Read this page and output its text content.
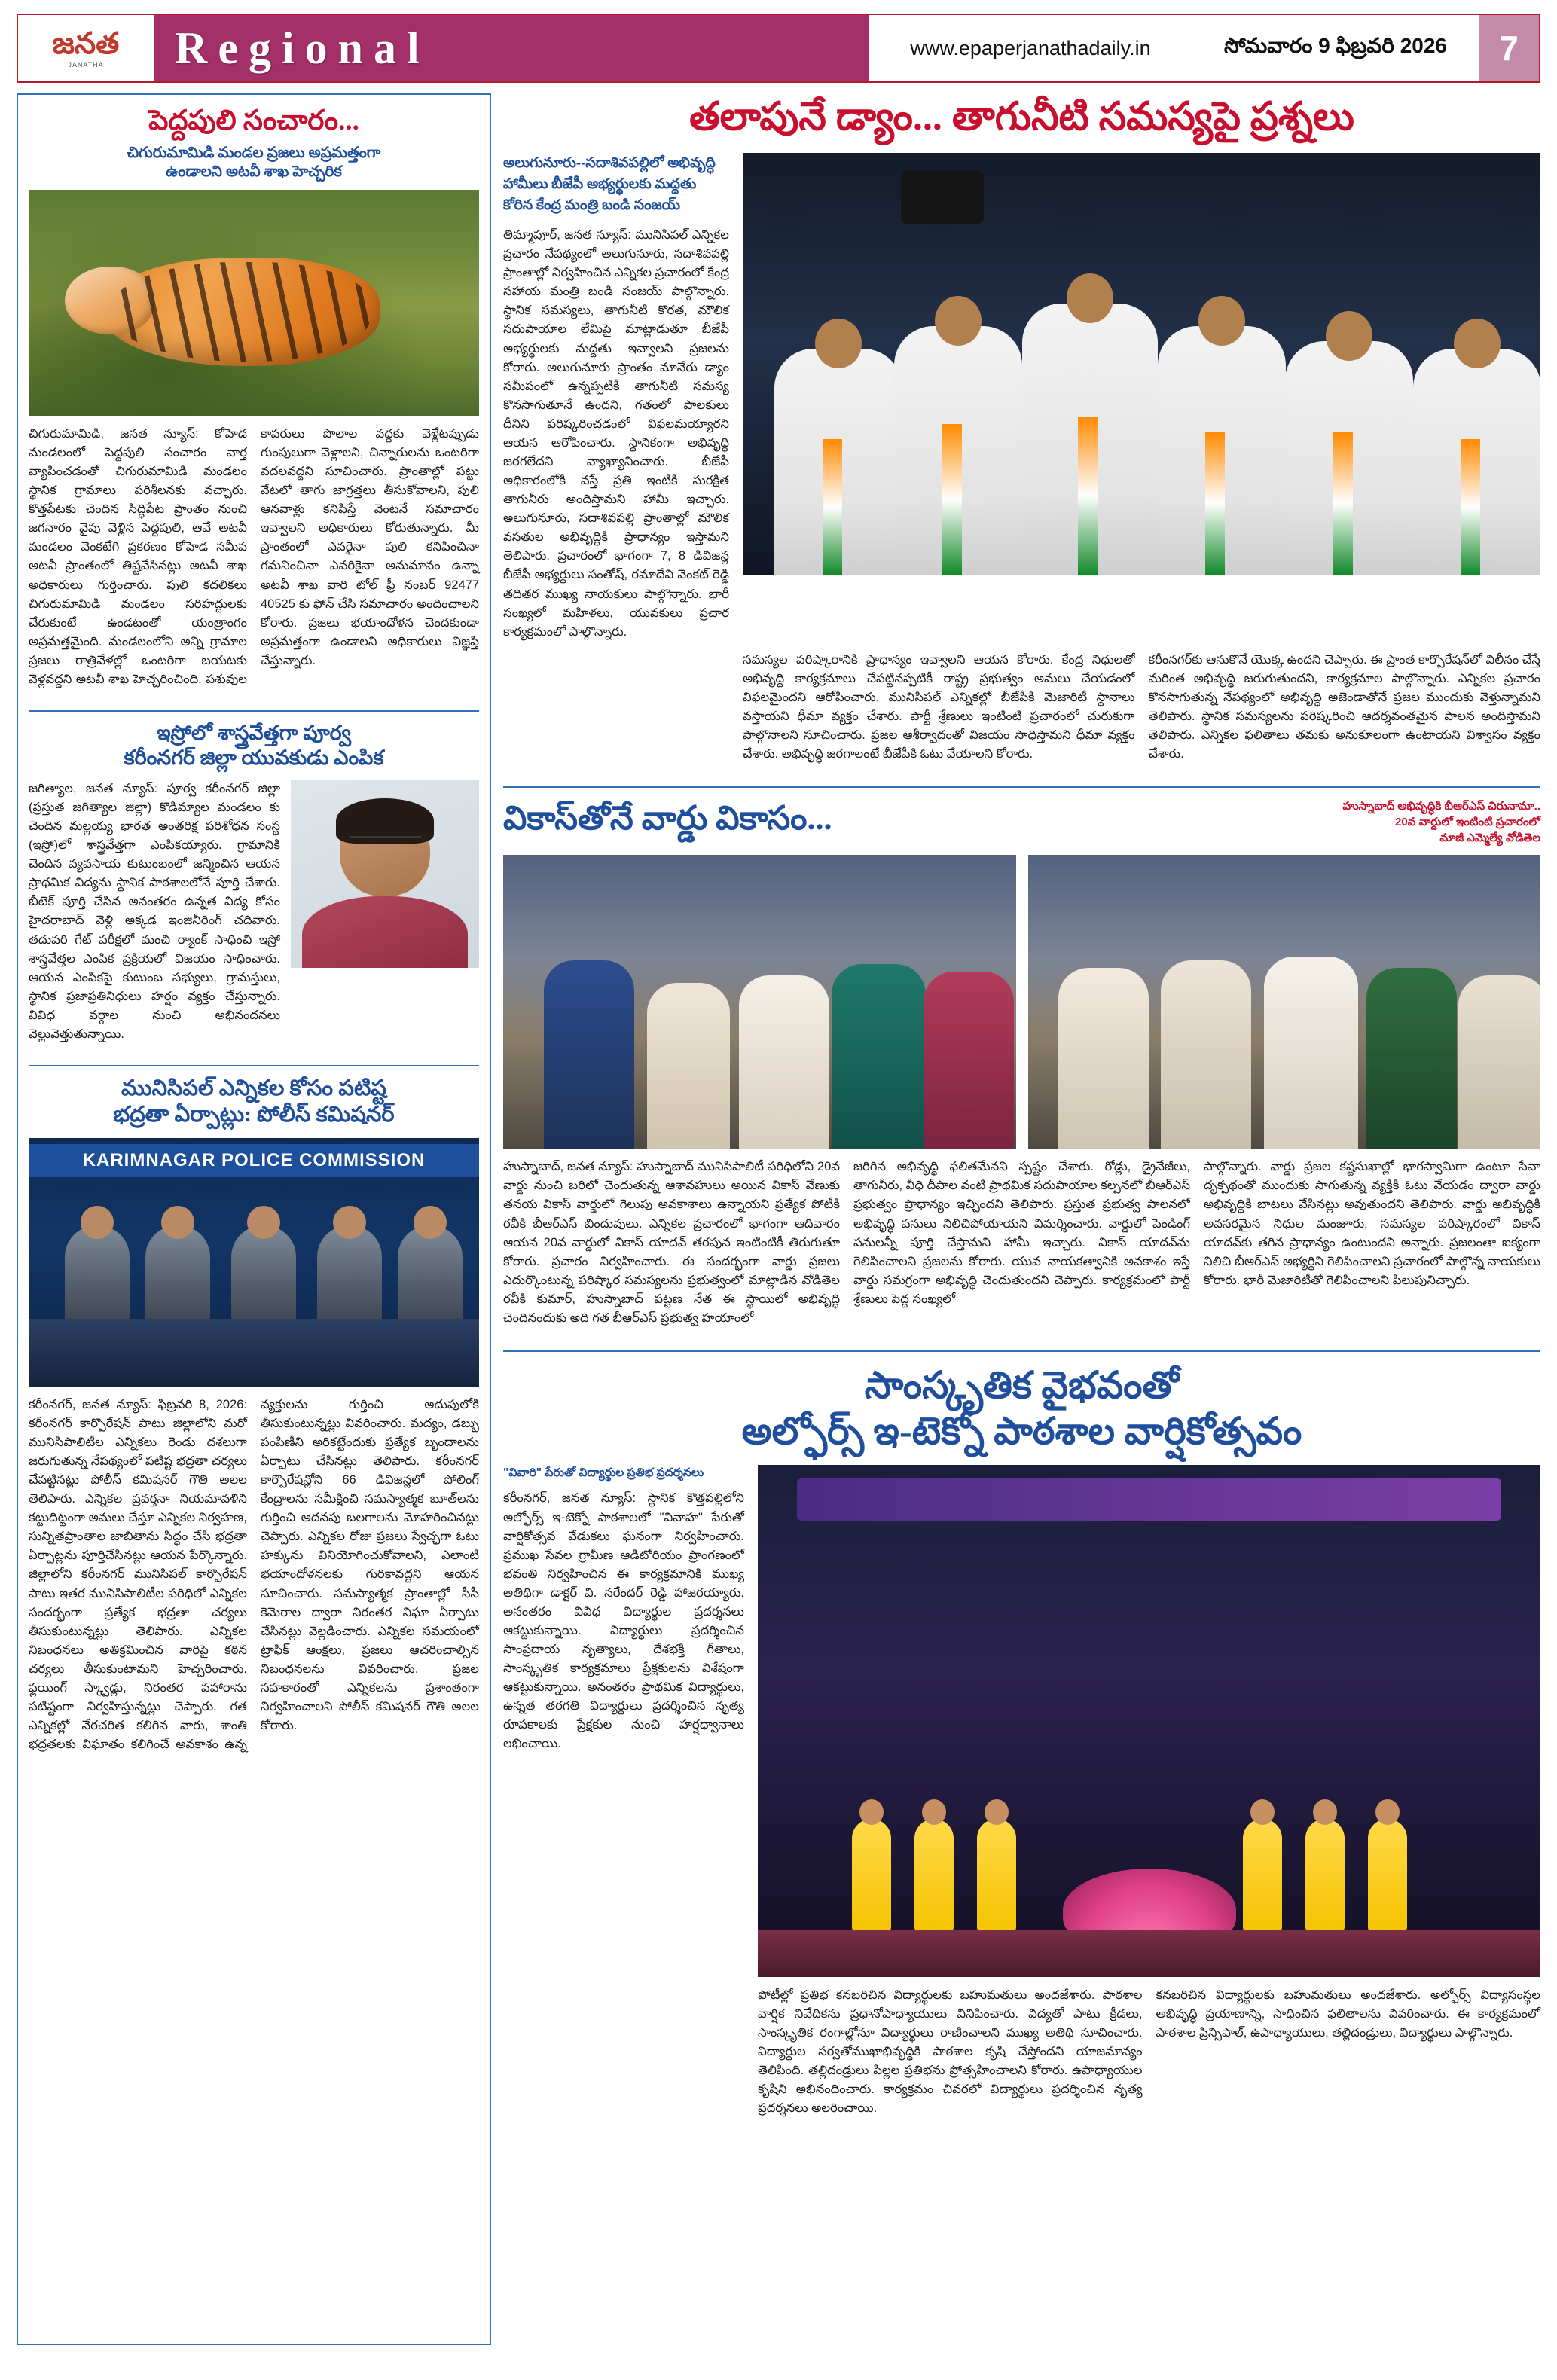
జనత
JANATHA Regional	www.epaperjanathadaily.in	సోమవారం 9 ఫిబ్రవరి 2026	7
పెద్దపులి సంచారం...
చిగురుమామిడి మండల ప్రజలు అప్రమత్తంగా
ఉండాలని అటవీ శాఖ హెచ్చరిక
చిగురుమామిడి, జనత న్యూస్: కోహెడ మండలంలో పెద్దపులి సంచారం వార్త వ్యాపించడంతో చిగురుమామిడి మండలం స్థానిక గ్రామాలు పరిశీలనకు వచ్చారు. కొత్తపేటకు చెందిన సిద్ధిపేట ప్రాంతం నుంచి జగనారం వైపు వెళ్లిన పెద్దపులి, ఆవే అటవీ మండలం వెంకటేగి ప్రకరణం కోహెడ సమీప అటవీ ప్రాంతంలో తిష్టవేసినట్లు అటవీ శాఖ అధికారులు గుర్తించారు. పులి కదలికలు చిగురుమామిడి మండలం సరిహద్దులకు చేరుకుంటే ఉండటంతో యంత్రాంగం అప్రమత్తమైంది. మండలంలోని అన్ని గ్రామాల ప్రజలు రాత్రివేళల్లో ఒంటరిగా బయటకు వెళ్లవద్దని అటవీ శాఖ హెచ్చరించింది. పశువుల కాపరులు పొలాల వద్దకు వెళ్లేటప్పుడు గుంపులుగా వెళ్లాలని, చిన్నారులను ఒంటరిగా వదలవద్దని సూచించారు. ప్రాంతాల్లో పట్టు వేటలో తాగు జాగ్రత్తలు తీసుకోవాలని, పులి ఆనవాళ్లు కనిపిస్తే వెంటనే సమాచారం ఇవ్వాలని అధికారులు కోరుతున్నారు. మీ ప్రాంతంలో ఎవరైనా పులి కనిపించినా గమనించినా ఎవరికైనా అనుమానం ఉన్నా అటవీ శాఖ వారి టోల్ ఫ్రీ నంబర్ 92477 40525 కు ఫోన్ చేసి సమాచారం అందించాలని కోరారు. ప్రజలు భయాందోళన చెందకుండా అప్రమత్తంగా ఉండాలని అధికారులు విజ్ఞప్తి చేస్తున్నారు.
ఇస్రోలో శాస్త్రవేత్తగా పూర్వ
కరీంనగర్ జిల్లా యువకుడు ఎంపిక
జగిత్యాల, జనత న్యూస్: పూర్వ కరీంనగర్ జిల్లా (ప్రస్తుత జగిత్యాల జిల్లా) కొడిమ్యాల మండలం కు చెందిన మల్లయ్య భారత అంతరిక్ష పరిశోధన సంస్థ (ఇస్రో)లో శాస్త్రవేత్తగా ఎంపికయ్యారు. గ్రామానికి చెందిన వ్యవసాయ కుటుంబంలో జన్మించిన ఆయన ప్రాథమిక విద్యను స్థానిక పాఠశాలలోనే పూర్తి చేశారు. బీటెక్ పూర్తి చేసిన అనంతరం ఉన్నత విద్య కోసం హైదరాబాద్ వెళ్లి అక్కడ ఇంజినీరింగ్ చదివారు. తదుపరి గేట్ పరీక్షలో మంచి ర్యాంక్ సాధించి ఇస్రో శాస్త్రవేత్తల ఎంపిక ప్రక్రియలో విజయం సాధించారు. ఆయన ఎంపికపై కుటుంబ సభ్యులు, గ్రామస్తులు, స్థానిక ప్రజాప్రతినిధులు హర్షం వ్యక్తం చేస్తున్నారు. వివిధ వర్గాల నుంచి అభినందనలు వెల్లువెత్తుతున్నాయి.
మునిసిపల్ ఎన్నికల కోసం పటిష్ట
భద్రతా ఏర్పాట్లు: పోలీస్ కమిషనర్
KARIMNAGAR POLICE COMMISSION
కరీంనగర్, జనత న్యూస్: ఫిబ్రవరి 8, 2026: కరీంనగర్ కార్పొరేషన్ పాటు జిల్లాలోని మరో మునిసిపాలిటీల ఎన్నికలు రెండు దశలుగా జరుగుతున్న నేపథ్యంలో పటిష్ట భద్రతా చర్యలు చేపట్టినట్లు పోలీస్ కమిషనర్ గౌతి అలల తెలిపారు. ఎన్నికల ప్రవర్తనా నియమావళిని కట్టుదిట్టంగా అమలు చేస్తూ ఎన్నికల నిర్వహణ, సున్నితప్రాంతాల జాబితాను సిద్ధం చేసి భద్రతా ఏర్పాట్లను పూర్తిచేసినట్లు ఆయన పేర్కొన్నారు. జిల్లాలోని కరీంనగర్ మునిసిపల్ కార్పొరేషన్ పాటు ఇతర మునిసిపాలిటీల పరిధిలో ఎన్నికల సందర్భంగా ప్రత్యేక భద్రతా చర్యలు తీసుకుంటున్నట్లు తెలిపారు. ఎన్నికల నిబంధనలు అతిక్రమించిన వారిపై కఠిన చర్యలు తీసుకుంటామని హెచ్చరించారు. ఫ్లయింగ్ స్క్వాడ్లు, నిరంతర పహారాను పటిష్టంగా నిర్వహిస్తున్నట్లు చెప్పారు. గత ఎన్నికల్లో నేరచరిత కలిగిన వారు, శాంతి భద్రతలకు విఘాతం కలిగించే అవకాశం ఉన్న వ్యక్తులను గుర్తించి అదుపులోకి తీసుకుంటున్నట్లు వివరించారు. మద్యం, డబ్బు పంపిణీని అరికట్టేందుకు ప్రత్యేక బృందాలను ఏర్పాటు చేసినట్లు తెలిపారు. కరీంనగర్ కార్పొరేషన్లోని 66 డివిజన్లలో పోలింగ్ కేంద్రాలను సమీక్షించి సమస్యాత్మక బూత్‌లను గుర్తించి అదనపు బలగాలను మోహరించినట్లు చెప్పారు. ఎన్నికల రోజు ప్రజలు స్వేచ్ఛగా ఓటు హక్కును వినియోగించుకోవాలని, ఎలాంటి భయాందోళనలకు గురికావద్దని ఆయన సూచించారు. సమస్యాత్మక ప్రాంతాల్లో సీసీ కెమెరాల ద్వారా నిరంతర నిఘా ఏర్పాటు చేసినట్లు వెల్లడించారు. ఎన్నికల సమయంలో ట్రాఫిక్ ఆంక్షలు, ప్రజలు ఆచరించాల్సిన నిబంధనలను వివరించారు. ప్రజల సహకారంతో ఎన్నికలను ప్రశాంతంగా నిర్వహించాలని పోలీస్ కమిషనర్ గౌతి అలల కోరారు.
తలాపునే డ్యాం... తాగునీటి సమస్యపై ప్రశ్నలు
అలుగునూరు--సదాశివపల్లిలో అభివృద్ధి హామీలు బీజేపీ అభ్యర్థులకు మద్దతు కోరిన కేంద్ర మంత్రి బండి సంజయ్
తిమ్మాపూర్, జనత న్యూస్: మునిసిపల్ ఎన్నికల ప్రచారం నేపథ్యంలో అలుగునూరు, సదాశివపల్లి ప్రాంతాల్లో నిర్వహించిన ఎన్నికల ప్రచారంలో కేంద్ర సహాయ మంత్రి బండి సంజయ్ పాల్గొన్నారు. స్థానిక సమస్యలు, తాగునీటి కొరత, మౌలిక సదుపాయాల లేమిపై మాట్లాడుతూ బీజేపీ అభ్యర్థులకు మద్దతు ఇవ్వాలని ప్రజలను కోరారు. అలుగునూరు ప్రాంతం మానేరు డ్యాం సమీపంలో ఉన్నప్పటికీ తాగునీటి సమస్య కొనసాగుతూనే ఉందని, గతంలో పాలకులు దీనిని పరిష్కరించడంలో విఫలమయ్యారని ఆయన ఆరోపించారు. స్థానికంగా అభివృద్ధి జరగలేదని వ్యాఖ్యానించారు. బీజేపీ అధికారంలోకి వస్తే ప్రతి ఇంటికి సురక్షిత తాగునీరు అందిస్తామని హామీ ఇచ్చారు. అలుగునూరు, సదాశివపల్లి ప్రాంతాల్లో మౌలిక వసతుల అభివృద్ధికి ప్రాధాన్యం ఇస్తామని తెలిపారు. ప్రచారంలో భాగంగా 7, 8 డివిజన్ల బీజేపీ అభ్యర్థులు సంతోష్, రమాదేవి వెంకట్ రెడ్డి తదితర ముఖ్య నాయకులు పాల్గొన్నారు. భారీ సంఖ్యలో మహిళలు, యువకులు ప్రచార కార్యక్రమంలో పాల్గొన్నారు.
సమస్యల పరిష్కారానికి ప్రాధాన్యం ఇవ్వాలని ఆయన కోరారు. కేంద్ర నిధులతో అభివృద్ధి కార్యక్రమాలు చేపట్టినప్పటికీ రాష్ట్ర ప్రభుత్వం అమలు చేయడంలో విఫలమైందని ఆరోపించారు. మునిసిపల్ ఎన్నికల్లో బీజేపీకి మెజారిటీ స్థానాలు వస్తాయని ధీమా వ్యక్తం చేశారు. పార్టీ శ్రేణులు ఇంటింటి ప్రచారంలో చురుకుగా పాల్గొనాలని సూచించారు. ప్రజల ఆశీర్వాదంతో విజయం సాధిస్తామని ధీమా వ్యక్తం చేశారు. అభివృద్ధి జరగాలంటే బీజేపీకి ఓటు వేయాలని కోరారు.
కరీంనగర్‌కు ఆనుకొనే యొక్క ఉందని చెప్పారు. ఈ ప్రాంత కార్పొరేషన్‌లో విలీనం చేస్తే మరింత అభివృద్ధి జరుగుతుందని, కార్యక్రమాల పాల్గొన్నారు. ఎన్నికల ప్రచారం కొనసాగుతున్న నేపథ్యంలో అభివృద్ధి అజెండాతోనే ప్రజల ముందుకు వెళ్తున్నామని తెలిపారు. స్థానిక సమస్యలను పరిష్కరించి ఆదర్శవంతమైన పాలన అందిస్తామని తెలిపారు. ఎన్నికల ఫలితాలు తమకు అనుకూలంగా ఉంటాయని విశ్వాసం వ్యక్తం చేశారు.
వికాస్‌తోనే వార్డు వికాసం...	హుస్నాబాద్ అభివృద్ధికి బీఆర్ఎస్ చిరునామా..
20వ వార్డులో ఇంటింటి ప్రచారంలో
మాజీ ఎమ్మెల్యే వోడితెల
హుస్నాబాద్, జనత న్యూస్: హుస్నాబాద్ మునిసిపాలిటీ పరిధిలోని 20వ వార్డు నుంచి బరిలో చెందుతున్న ఆశావహులు అయిన వికాస్ వేణుకు తనయ వికాస్ వార్డులో గెలుపు అవకాశాలు ఉన్నాయని ప్రత్యేక పోటీకి రవీకి బీఆర్ఎస్ బిందువులు. ఎన్నికల ప్రచారంలో భాగంగా ఆదివారం ఆయన 20వ వార్డులో వికాస్ యాదవ్ తరపున ఇంటింటికీ తిరుగుతూ కోరారు. ప్రచారం నిర్వహించారు. ఈ సందర్భంగా వార్డు ప్రజలు ఎదుర్కొంటున్న పరిష్కార సమస్యలను ప్రభుత్వంలో మాట్లాడిన వోడితెల రవీకి కుమార్, హుస్నాబాద్ పట్టణ నేత ఈ స్థాయిలో అభివృద్ధి చెందినందుకు అది గత బీఆర్ఎస్ ప్రభుత్వ హయాంలో
జరిగిన అభివృద్ధి ఫలితమేనని స్పష్టం చేశారు. రోడ్లు, డ్రైనేజీలు, తాగునీరు, వీధి దీపాల వంటి ప్రాథమిక సదుపాయాల కల్పనలో బీఆర్ఎస్ ప్రభుత్వం ప్రాధాన్యం ఇచ్చిందని తెలిపారు. ప్రస్తుత ప్రభుత్వ పాలనలో అభివృద్ధి పనులు నిలిచిపోయాయని విమర్శించారు. వార్డులో పెండింగ్ పనులన్నీ పూర్తి చేస్తామని హామీ ఇచ్చారు. వికాస్ యాదవ్‌ను గెలిపించాలని ప్రజలను కోరారు. యువ నాయకత్వానికి అవకాశం ఇస్తే వార్డు సమగ్రంగా అభివృద్ధి చెందుతుందని చెప్పారు. కార్యక్రమంలో పార్టీ శ్రేణులు పెద్ద సంఖ్యలో
పాల్గొన్నారు. వార్డు ప్రజల కష్టసుఖాల్లో భాగస్వామిగా ఉంటూ సేవా దృక్పథంతో ముందుకు సాగుతున్న వ్యక్తికి ఓటు వేయడం ద్వారా వార్డు అభివృద్ధికి బాటలు వేసినట్లు అవుతుందని తెలిపారు. వార్డు అభివృద్ధికి అవసరమైన నిధుల మంజూరు, సమస్యల పరిష్కారంలో వికాస్ యాదవ్‌కు తగిన ప్రాధాన్యం ఉంటుందని అన్నారు. ప్రజలంతా ఐక్యంగా నిలిచి బీఆర్ఎస్ అభ్యర్థిని గెలిపించాలని ప్రచారంలో పాల్గొన్న నాయకులు కోరారు. భారీ మెజారిటీతో గెలిపించాలని పిలుపునిచ్చారు.
సాంస్కృతిక వైభవంతో
అల్ఫోర్స్ ఇ-టెక్నో పాఠశాల వార్షికోత్సవం
"వివారి" పేరుతో విద్యార్థుల ప్రతిభ ప్రదర్శనలు
కరీంనగర్, జనత న్యూస్: స్థానిక కొత్తపల్లిలోని అల్ఫోర్స్ ఇ-టెక్నో పాఠశాలలో "వివాహ" పేరుతో వార్షికోత్సవ వేడుకలు ఘనంగా నిర్వహించారు. ప్రముఖ సేవల గ్రామీణ ఆడిటోరియం ప్రాంగణంలో భవంతి నిర్వహించిన ఈ కార్యక్రమానికి ముఖ్య అతిథిగా డాక్టర్ వి. నరేందర్ రెడ్డి హాజరయ్యారు. అనంతరం వివిధ విద్యార్థుల ప్రదర్శనలు ఆకట్టుకున్నాయి. విద్యార్థులు ప్రదర్శించిన సాంప్రదాయ నృత్యాలు, దేశభక్తి గీతాలు, సాంస్కృతిక కార్యక్రమాలు ప్రేక్షకులను విశేషంగా ఆకట్టుకున్నాయి. అనంతరం ప్రాథమిక విద్యార్థులు, ఉన్నత తరగతి విద్యార్థులు ప్రదర్శించిన నృత్య రూపకాలకు ప్రేక్షకుల నుంచి హర్షధ్వానాలు లభించాయి.
పోటీల్లో ప్రతిభ కనబరిచిన విద్యార్థులకు బహుమతులు అందజేశారు. పాఠశాల వార్షిక నివేదికను ప్రధానోపాధ్యాయులు వినిపించారు. విద్యతో పాటు క్రీడలు, సాంస్కృతిక రంగాల్లోనూ విద్యార్థులు రాణించాలని ముఖ్య అతిథి సూచించారు. విద్యార్థుల సర్వతోముఖాభివృద్ధికి పాఠశాల కృషి చేస్తోందని యాజమాన్యం తెలిపింది. తల్లిదండ్రులు పిల్లల ప్రతిభను ప్రోత్సహించాలని కోరారు. ఉపాధ్యాయుల కృషిని అభినందించారు. కార్యక్రమం చివరలో విద్యార్థులు ప్రదర్శించిన నృత్య ప్రదర్శనలు అలరించాయి.
కనబరిచిన విద్యార్థులకు బహుమతులు అందజేశారు. అల్ఫోర్స్ విద్యాసంస్థల అభివృద్ధి ప్రయాణాన్ని, సాధించిన ఫలితాలను వివరించారు. ఈ కార్యక్రమంలో పాఠశాల ప్రిన్సిపాల్, ఉపాధ్యాయులు, తల్లిదండ్రులు, విద్యార్థులు పాల్గొన్నారు.
